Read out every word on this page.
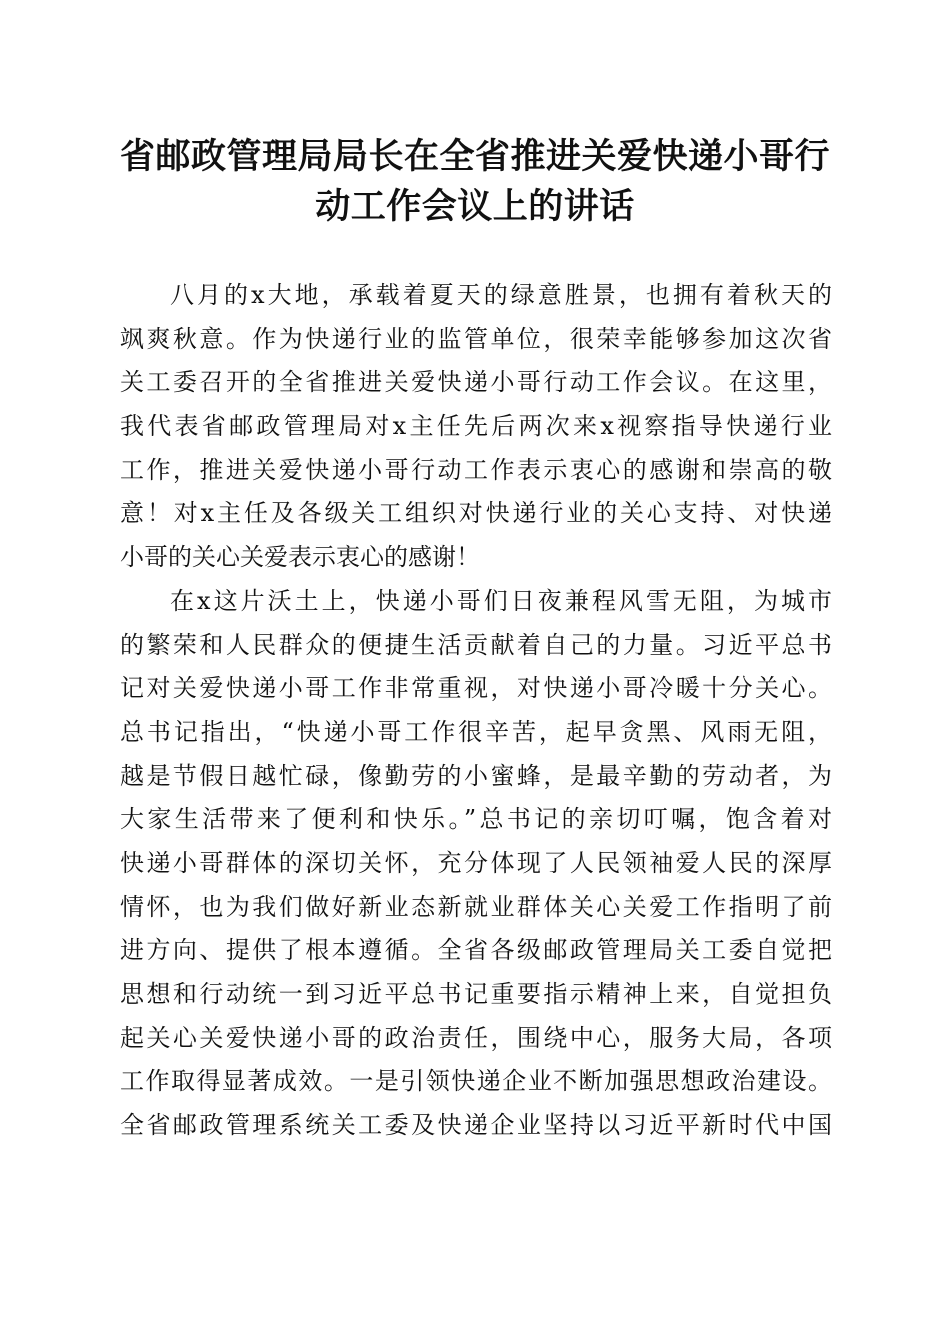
省邮政管理局局长在全省推进关爱快递小哥行
动工作会议上的讲话
八月的x大地，承载着夏天的绿意胜景，也拥有着秋天的
飒爽秋意。作为快递行业的监管单位，很荣幸能够参加这次省
关工委召开的全省推进关爱快递小哥行动工作会议。在这里，
我代表省邮政管理局对x主任先后两次来x视察指导快递行业
工作，推进关爱快递小哥行动工作表示衷心的感谢和崇高的敬
意！对x主任及各级关工组织对快递行业的关心支持、对快递
小哥的关心关爱表示衷心的感谢！
在x这片沃土上，快递小哥们日夜兼程风雪无阻，为城市
的繁荣和人民群众的便捷生活贡献着自己的力量。习近平总书
记对关爱快递小哥工作非常重视，对快递小哥冷暖十分关心。
总书记指出，“快递小哥工作很辛苦，起早贪黑、风雨无阻，
越是节假日越忙碌，像勤劳的小蜜蜂，是最辛勤的劳动者，为
大家生活带来了便利和快乐。”总书记的亲切叮嘱，饱含着对
快递小哥群体的深切关怀，充分体现了人民领袖爱人民的深厚
情怀，也为我们做好新业态新就业群体关心关爱工作指明了前
进方向、提供了根本遵循。全省各级邮政管理局关工委自觉把
思想和行动统一到习近平总书记重要指示精神上来，自觉担负
起关心关爱快递小哥的政治责任，围绕中心，服务大局，各项
工作取得显著成效。一是引领快递企业不断加强思想政治建设。
全省邮政管理系统关工委及快递企业坚持以习近平新时代中国
